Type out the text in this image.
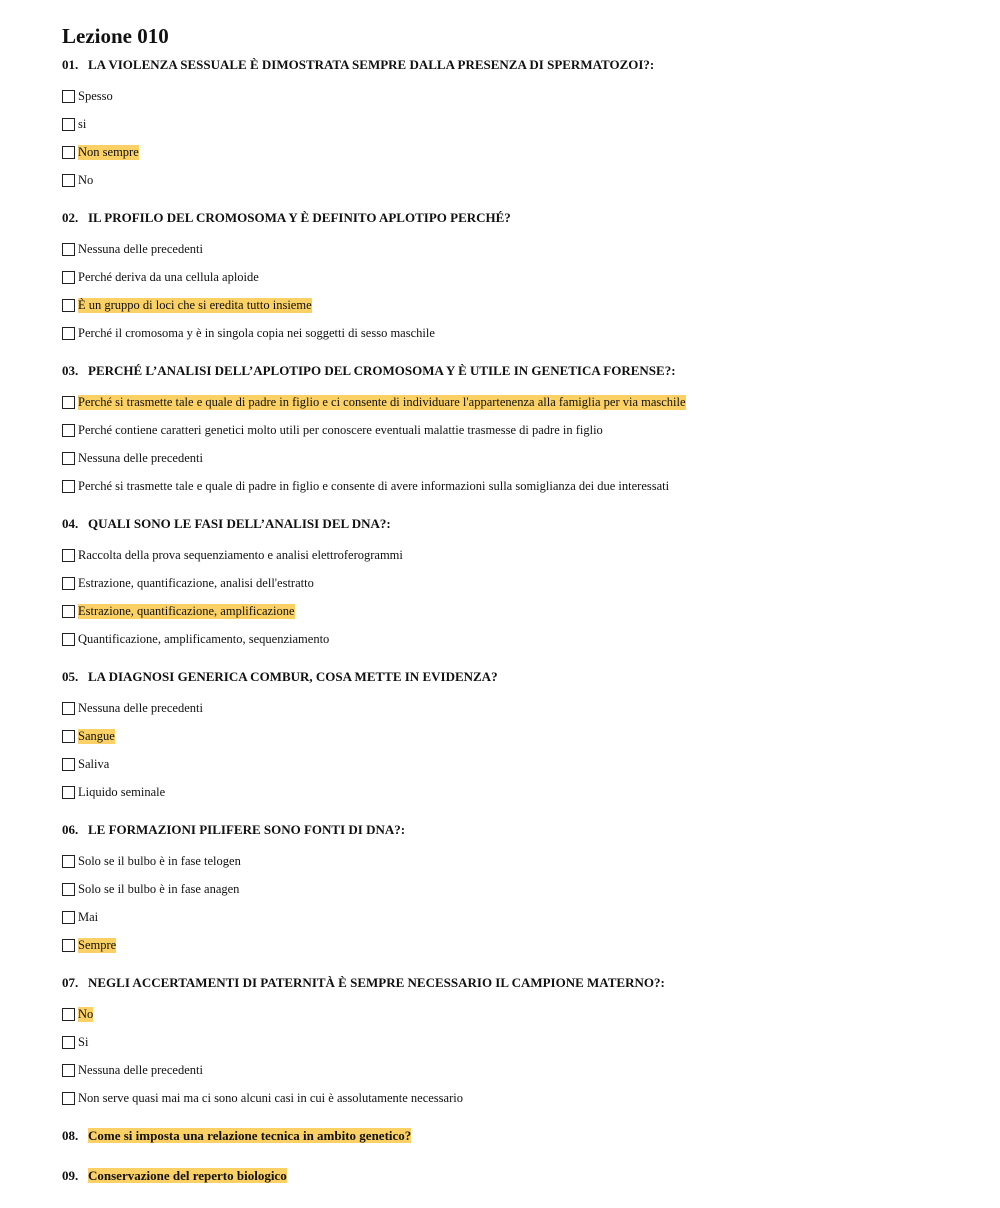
Lezione 010
01. LA VIOLENZA SESSUALE È DIMOSTRATA SEMPRE DALLA PRESENZA DI SPERMATOZOI?:
Spesso
si
Non sempre
No
02. IL PROFILO DEL CROMOSOMA Y È DEFINITO APLOTIPO PERCHÉ?
Nessuna delle precedenti
Perché deriva da una cellula aploide
È un gruppo di loci che si eredita tutto insieme
Perché il cromosoma y è in singola copia nei soggetti di sesso maschile
03. PERCHÉ L’ANALISI DELL’APLOTIPO DEL CROMOSOMA Y È UTILE IN GENETICA FORENSE?:
Perché si trasmette tale e quale di padre in figlio e ci consente di individuare l'appartenenza alla famiglia per via maschile
Perché contiene caratteri genetici molto utili per conoscere eventuali malattie trasmesse di padre in figlio
Nessuna delle precedenti
Perché si trasmette tale e quale di padre in figlio e consente di avere informazioni sulla somiglianza dei due interessati
04. QUALI SONO LE FASI DELL’ANALISI DEL DNA?:
Raccolta della prova sequenziamento e analisi elettroferogrammi
Estrazione, quantificazione, analisi dell'estratto
Estrazione, quantificazione, amplificazione
Quantificazione, amplificamento, sequenziamento
05. LA DIAGNOSI GENERICA COMBUR, COSA METTE IN EVIDENZA?
Nessuna delle precedenti
Sangue
Saliva
Liquido seminale
06. LE FORMAZIONI PILIFERE SONO FONTI DI DNA?:
Solo se il bulbo è in fase telogen
Solo se il bulbo è in fase anagen
Mai
Sempre
07. NEGLI ACCERTAMENTI DI PATERNITÀ È SEMPRE NECESSARIO IL CAMPIONE MATERNO?:
No
Si
Nessuna delle precedenti
Non serve quasi mai ma ci sono alcuni casi in cui è assolutamente necessario
08. Come si imposta una relazione tecnica in ambito genetico?
09. Conservazione del reperto biologico
